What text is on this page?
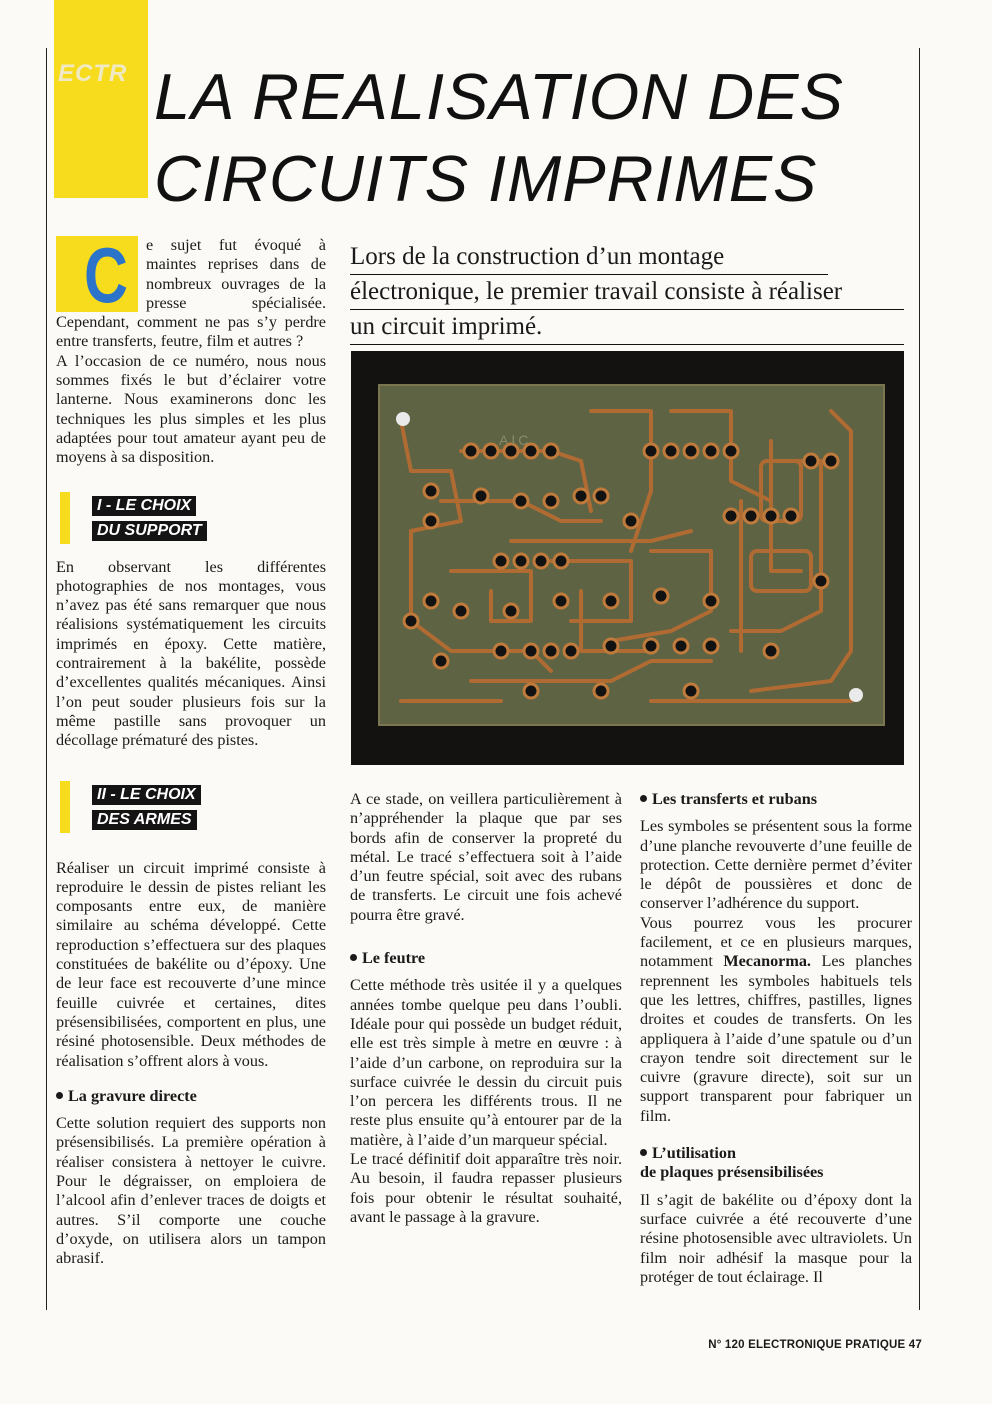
ECTR LA REALISATION DES CIRCUITS IMPRIMES
C	e sujet fut évoqué à maintes reprises dans de nombreux ouvrages de la presse spécialisée. Cependant, comment ne pas s’y perdre entre transferts, feutre, film et autres ?

A l’occasion de ce numéro, nous nous sommes fixés le but d’éclairer votre lanterne. Nous examinerons donc les techniques les plus simples et les plus adaptées pour tout amateur ayant peu de moyens à sa disposition.

I - LE CHOIX
DU SUPPORT

En observant les différentes photographies de nos montages, vous n’avez pas été sans remarquer que nous réalisions systématiquement les circuits imprimés en époxy. Cette matière, contrairement à la bakélite, possède d’excellentes qualités mécaniques. Ainsi l’on peut souder plusieurs fois sur la même pastille sans provoquer un décollage prématuré des pistes.

II - LE CHOIX
DES ARMES

Réaliser un circuit imprimé consiste à reproduire le dessin de pistes reliant les composants entre eux, de manière similaire au schéma développé. Cette reproduction s’effectuera sur des plaques constituées de bakélite ou d’époxy. Une de leur face est recouverte d’une mince feuille cuivrée et certaines, dites présensibilisées, comportent en plus, une résiné photosensible. Deux méthodes de réalisation s’offrent alors à vous.

La gravure directe

Cette solution requiert des supports non présensibilisés. La première opération à réaliser consistera à nettoyer le cuivre. Pour le dégraisser, on emploiera de l’alcool afin d’enlever traces de doigts et autres. S’il comporte une couche d’oxyde, on utilisera alors un tampon abrasif.

Lors de la construction d’un montage
électronique, le premier travail consiste à réaliser
un circuit imprimé.
AIC

A ce stade, on veillera particulièrement à n’appréhender la plaque que par ses bords afin de conserver la propreté du métal. Le tracé s’effectuera soit à l’aide d’un feutre spécial, soit avec des rubans de transferts. Le circuit une fois achevé pourra être gravé.

Le feutre

Cette méthode très usitée il y a quelques années tombe quelque peu dans l’oubli. Idéale pour qui possède un budget réduit, elle est très simple à metre en œuvre : à l’aide d’un carbone, on reproduira sur la surface cuivrée le dessin du circuit puis l’on percera les différents trous. Il ne reste plus ensuite qu’à entourer par de la matière, à l’aide d’un marqueur spécial.

Le tracé définitif doit apparaître très noir. Au besoin, il faudra repasser plusieurs fois pour obtenir le résultat souhaité, avant le passage à la gravure.

Les transferts et rubans

Les symboles se présentent sous la forme d’une planche revouverte d’une feuille de protection. Cette dernière permet d’éviter le dépôt de poussières et donc de conserver l’adhérence du support.

Vous pourrez vous les procurer facilement, et ce en plusieurs marques, notamment Mecanorma. Les planches reprennent les symboles habituels tels que les lettres, chiffres, pastilles, lignes droites et coudes de transferts. On les appliquera à l’aide d’une spatule ou d’un crayon tendre soit directement sur le cuivre (gravure directe), soit sur un support transparent pour fabriquer un film.

L’utilisation
de plaques présensibilisées

Il s’agit de bakélite ou d’époxy dont la surface cuivrée a été recouverte d’une résine photosensible avec ultraviolets. Un film noir adhésif la masque pour la protéger de tout éclairage. Il

N° 120 ELECTRONIQUE PRATIQUE 47
